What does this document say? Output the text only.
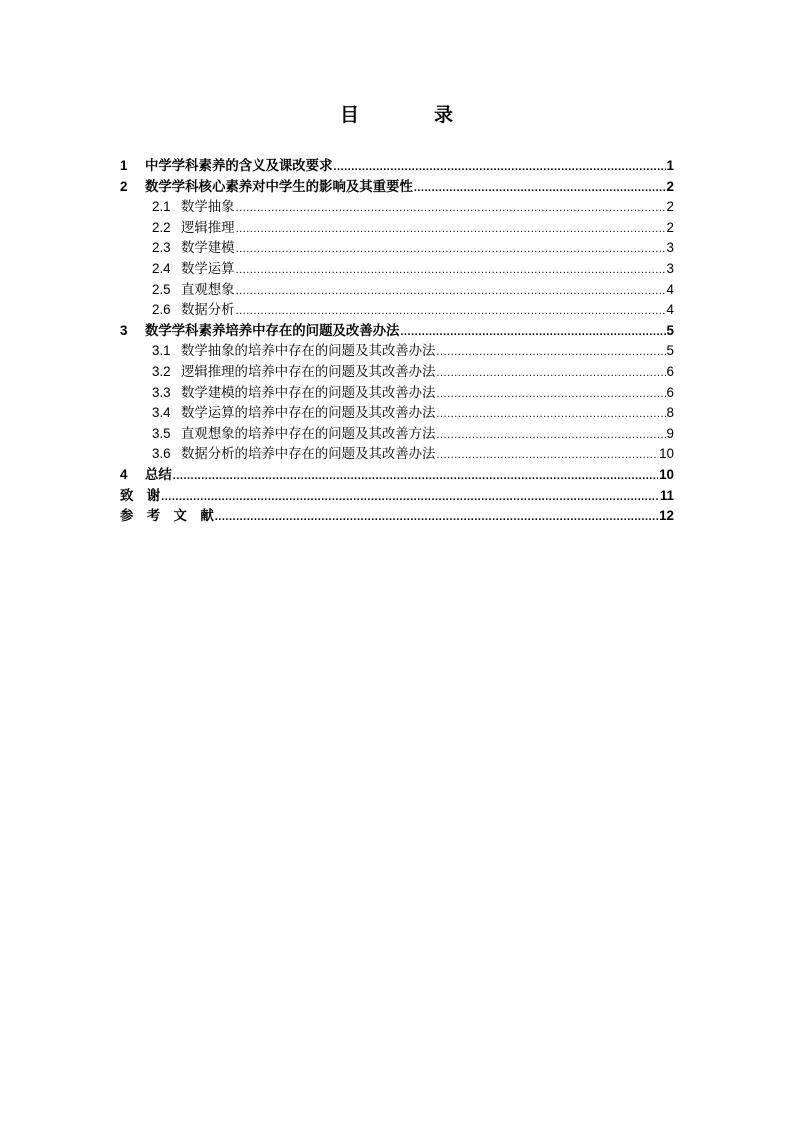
目　录
1	中学学科素养的含义及课改要求 .....	1
2	数学学科核心素养对中学生的影响及其重要性 .....	2
2.1 数学抽象 .....	2
2.2 逻辑推理 .....	2
2.3 数学建模 .....	3
2.4 数学运算 .....	3
2.5 直观想象 .....	4
2.6 数据分析 .....	4
3	数学学科素养培养中存在的问题及改善办法 .....	5
3.1 数学抽象的培养中存在的问题及其改善办法 .....	5
3.2 逻辑推理的培养中存在的问题及其改善办法 .....	6
3.3 数学建模的培养中存在的问题及其改善办法 .....	6
3.4 数学运算的培养中存在的问题及其改善办法 .....	8
3.5 直观想象的培养中存在的问题及其改善方法 .....	9
3.6 数据分析的培养中存在的问题及其改善办法 .....	10
4	总结 .....	10
致　谢 .....	11
参　考　文　献 .....	12
